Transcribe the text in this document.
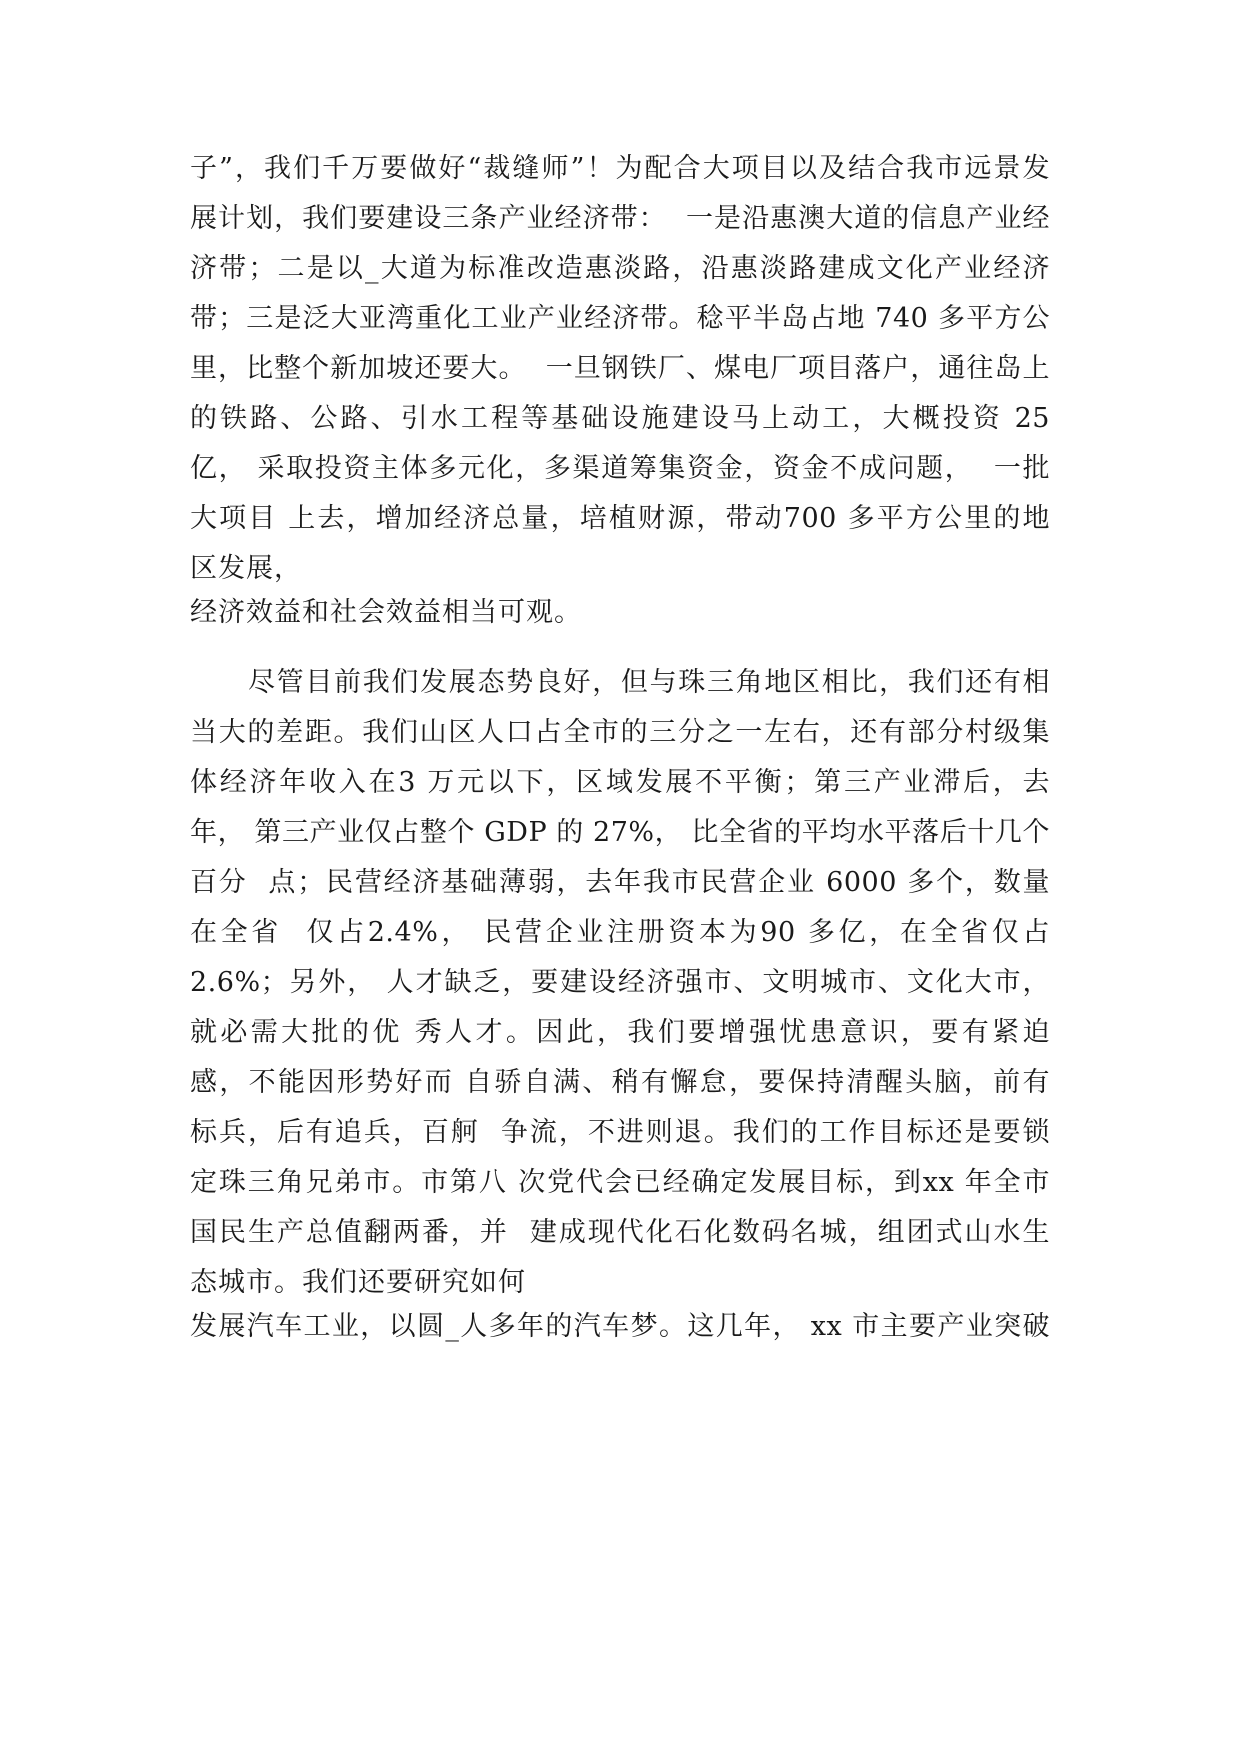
子”，我们千万要做好“裁缝师”！为配合大项目以及结合我市远景发
展计划，我们要建设三条产业经济带：  一是沿惠澳大道的信息产业经
济带；二是以_大道为标准改造惠淡路，沿惠淡路建成文化产业经济
带；三是泛大亚湾重化工业产业经济带。稔平半岛占地 740 多平方公
里，比整个新加坡还要大。  一旦钢铁厂、煤电厂项目落户，通往岛上
的铁路、公路、引水工程等基础设施建设马上动工，大概投资 25
亿， 采取投资主体多元化，多渠道筹集资金，资金不成问题，  一批
大项目 上去，增加经济总量，培植财源，带动700 多平方公里的地
区发展，
经济效益和社会效益相当可观。
尽管目前我们发展态势良好，但与珠三角地区相比，我们还有相
当大的差距。我们山区人口占全市的三分之一左右，还有部分村级集
体经济年收入在3 万元以下，区域发展不平衡；第三产业滞后，去
年， 第三产业仅占整个 GDP 的 27%， 比全省的平均水平落后十几个
百分  点；民营经济基础薄弱，去年我市民营企业 6000 多个，数量
在全省  仅占2.4%， 民营企业注册资本为90 多亿，在全省仅占
2.6%；另外， 人才缺乏，要建设经济强市、文明城市、文化大市，
就必需大批的优 秀人才。因此，我们要增强忧患意识，要有紧迫
感，不能因形势好而 自骄自满、稍有懈怠，要保持清醒头脑，前有
标兵，后有追兵，百舸  争流，不进则退。我们的工作目标还是要锁
定珠三角兄弟市。市第八 次党代会已经确定发展目标，到xx 年全市
国民生产总值翻两番，并  建成现代化石化数码名城，组团式山水生
态城市。我们还要研究如何
发展汽车工业，以圆_人多年的汽车梦。这几年， xx 市主要产业突破
